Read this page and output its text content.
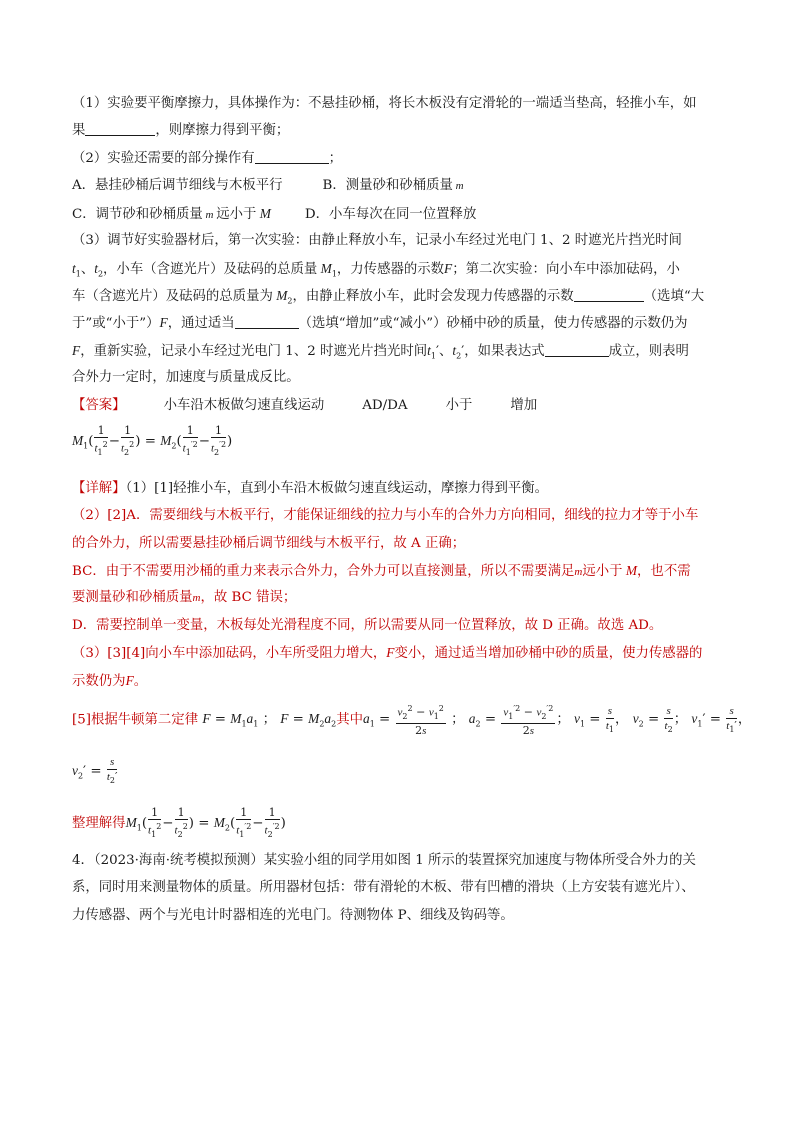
（1）实验要平衡摩擦力，具体操作为：不悬挂砂桶，将长木板没有定滑轮的一端适当垫高，轻推小车，如
果	，则摩擦力得到平衡；
（2）实验还需要的部分操作有	；
A．悬挂砂桶后调节细线与木板平行	B．测量砂和砂桶质量 m
C．调节砂和砂桶质量 m 远小于 M	D．小车每次在同一位置释放
（3）调节好实验器材后，第一次实验：由静止释放小车，记录小车经过光电门 1、2 时遮光片挡光时间
$t_1$、$t_2$，小车（含遮光片）及砝码的总质量 $M_1$，力传感器的示数F；第二次实验：向小车中添加砝码，小
车（含遮光片）及砝码的总质量为 $M_2$，由静止释放小车，此时会发现力传感器的示数	（选填“大
于”或“小于”）F，通过适当	（选填“增加”或“减小”）砂桶中砂的质量，使力传感器的示数仍为
F，重新实验，记录小车经过光电门 1、2 时遮光片挡光时间$t_1'$、$t_2'$，如果表达式	成立，则表明
合外力一定时，加速度与质量成反比。
【答案】	小车沿木板做匀速直线运动	AD/DA	小于	增加
$M_1( \frac{1}{t_1^2} - \frac{1}{t_2^2}$ ) = $M_2( \frac{1}{t_1^{'2}} - \frac{1}{t_2^{'2}}$ )
【详解】（1）[1]轻推小车，直到小车沿木板做匀速直线运动，摩擦力得到平衡。
（2）[2]A．需要细线与木板平行，才能保证细线的拉力与小车的合外力方向相同，细线的拉力才等于小车
的合外力，所以需要悬挂砂桶后调节细线与木板平行，故 A 正确；
BC．由于不需要用沙桶的重力来表示合外力，合外力可以直接测量，所以不需要满足m远小于 M，也不需
要测量砂和砂桶质量m，故 BC 错误；
D．需要控制单一变量，木板每处光滑程度不同，所以需要从同一位置释放，故 D 正确。故选 AD。
（3）[3][4]向小车中添加砝码，小车所受阻力增大，F变小，通过适当增加砂桶中砂的质量，使力传感器的
示数仍为F。
[5]根据牛顿第二定律 $F = M_1a_1$ ； $F = M_2a_2$其中$a_1 = \frac{v_2^2 - v_1^2}{2s}$ ； $a_2 = \frac{v_1^{'2} - v_2^{'2}}{2s}$ ； $v_1 = \frac{s}{t_1}$ ， $v_2 = \frac{s}{t_2}$ ； $v_1' = \frac{s}{t_1'}$ ，
$v_2' = \frac{s}{t_2'}$
整理解得$M_1( \frac{1}{t_1^2} - \frac{1}{t_2^2}$ ) = $M_2( \frac{1}{t_1^{'2}} - \frac{1}{t_2^{'2}}$ )
4．（2023·海南·统考模拟预测）某实验小组的同学用如图 1 所示的装置探究加速度与物体所受合外力的关
系，同时用来测量物体的质量。所用器材包括：带有滑轮的木板、带有凹槽的滑块（上方安装有遮光片）、
力传感器、两个与光电计时器相连的光电门。待测物体 P、细线及钩码等。
